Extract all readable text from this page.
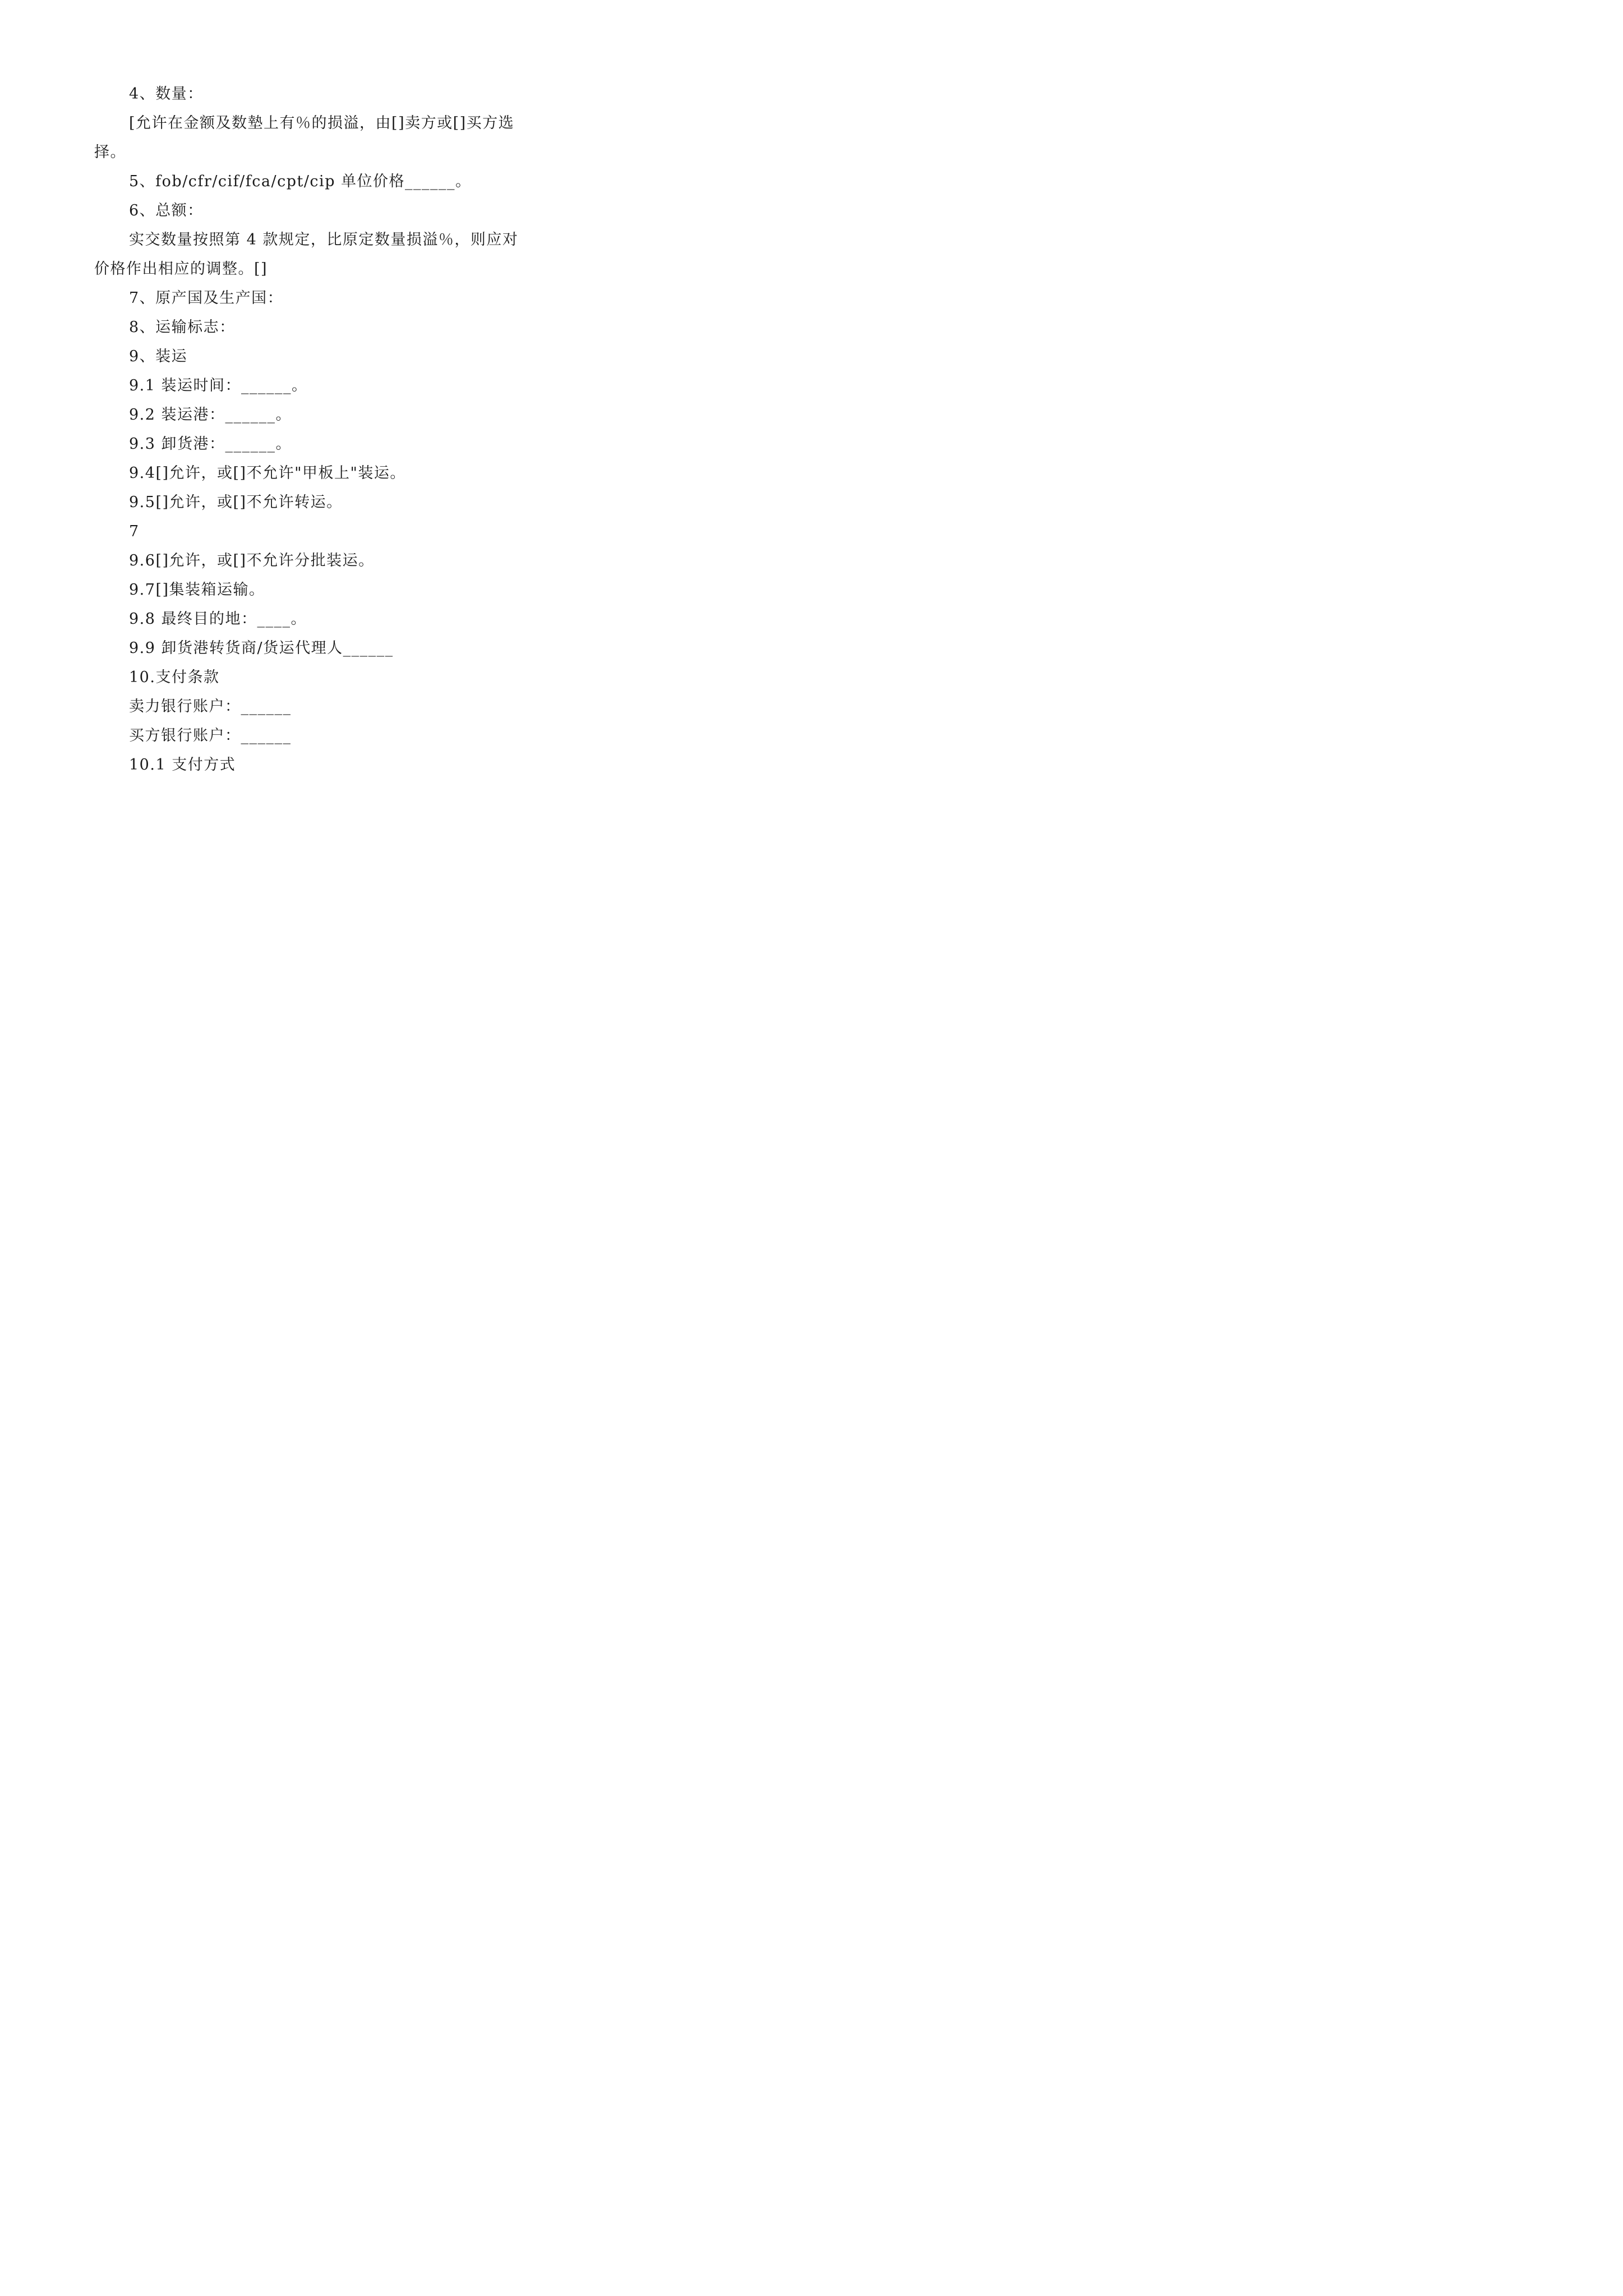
4、数量：

[允许在金额及数墊上有％的损溢，由[]卖方或[]买方选择。

5、fob/cfr/cif/fca/cpt/cip 单位价格______。

6、总额：

实交数量按照第 4 款规定，比原定数量损溢％，则应对价格作出相应的调整。[]

7、原产国及生产国：

8、运输标志：

9、装运

9.1 装运时间：______。

9.2 装运港：______。

9.3 卸货港：______。

9.4[]允许，或[]不允许"甲板上"装运。

9.5[]允许，或[]不允许转运。

7

9.6[]允许，或[]不允许分批装运。

9.7[]集装箱运输。

9.8 最终目的地：____。

9.9 卸货港转货商/货运代理人______

10.支付条款

卖力银行账户：______

买方银行账户：______

10.1 支付方式
